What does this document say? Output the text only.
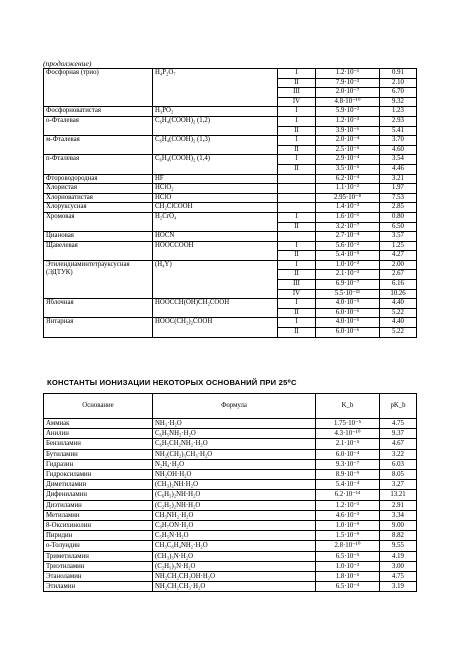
(продолжение)
Фосфорная (трио)	H₄P₂O₇	I	1.2·10⁻¹	0.91
		II	7.9·10⁻³	2.10
		III	2.0·10⁻⁷	6.70
		IV	4.8·10⁻¹⁰	9.32
Фосфорноватистая	H₃PO₂	I	5.9·10⁻²	1.23
o-Фталевая	C₆H₄(COOH)₂ (1,2)	I	1.2·10⁻³	2.93
		II	3.9·10⁻⁶	5.41
м-Фталевая	C₆H₄(COOH)₂ (1,3)	I	2.0·10⁻⁴	3.70
		II	2.5·10⁻⁵	4.60
п-Фталевая	C₆H₄(COOH)₂ (1,4)	I	2.9·10⁻⁴	3.54
		II	3.5·10⁻⁵	4.46
Фтороводородная	HF		6.2·10⁻⁴	3.21
Хлористая	HClO₂		1.1·10⁻²	1.97
Хлорноватистая	HClO		2.95·10⁻⁸	7.53
Хлоруксусная	CH₂ClCOOH		1.4·10⁻³	2.85
Хромовая	H₂CrO₄	I	1.6·10⁻¹	0.80
		II	3.2·10⁻⁷	6.50
Циановая	HOCN		2.7·10⁻⁴	3.57
Щавелевая	HOOCCOOH	I	5.6·10⁻²	1.25
		II	5.4·10⁻⁵	4.27
Этилендиаминтетрауксусная (ЭДТУК)	(H₄Y)	I	1.0·10⁻²	2.00
		II	2.1·10⁻³	2.67
		III	6.9·10⁻⁷	6.16
		IV	5.5·10⁻¹¹	10.26
Яблочная	HOOCCH(OH)CH₂COOH	I	4.0·10⁻⁵	4.40
		II	6.0·10⁻⁶	5.22
Янтарная	HOOC(CH₂)₂COOH	I	4.0·10⁻⁵	4.40
		II	6.0·10⁻⁶	5.22
КОНСТАНТЫ ИОНИЗАЦИИ НЕКОТОРЫХ ОСНОВАНИЙ ПРИ 25⁰С
Основание	Формула	K_b	pK_b
Аммиак	NH₃·H₂O	1.75·10⁻⁵	4.75
Анилин	C₆H₅NH₂·H₂O	4.3·10⁻¹⁰	9.37
Бензиламин	C₆H₅CH₂NH₂·H₂O	2.1·10⁻⁵	4.67
Бутиламин	NH₂(CH₂)₃CH₃·H₂O	6.0·10⁻⁴	3.22
Гидразин	N₂H₄·H₂O	9.3·10⁻⁷	6.03
Гидроксиламин	NH₂OH·H₂O	8.9·10⁻⁹	8.05
Диметиламин	(CH₃)₂NH·H₂O	5.4·10⁻⁴	3.27
Дифениламин	(C₆H₅)₂NH·H₂O	6.2·10⁻¹⁴	13.21
Диэтиламин	(C₂H₅)₂NH·H₂O	1.2·10⁻³	2.91
Метиламин	CH₃NH₂·H₂O	4.6·10⁻³	3.34
8-Оксихинолин	C₉H₇ON·H₂O	1.0·10⁻⁹	9.00
Пиридин	C₅H₅N·H₂O	1.5·10⁻⁹	8.82
о-Толуидин	CH₃C₆H₄NH₂·H₂O	2.8·10⁻¹⁰	9.55
Триметиламин	(CH₃)₃N·H₂O	6.5·10⁻⁵	4.19
Триэтиламин	(C₂H₅)₃N·H₂O	1.0·10⁻³	3.00
Этаноламин	NH₂CH₂CH₂OH·H₂O	1.8·10⁻⁵	4.75
Этиламин	NH₂CH₂CH₃·H₂O	6.5·10⁻⁴	3.19
